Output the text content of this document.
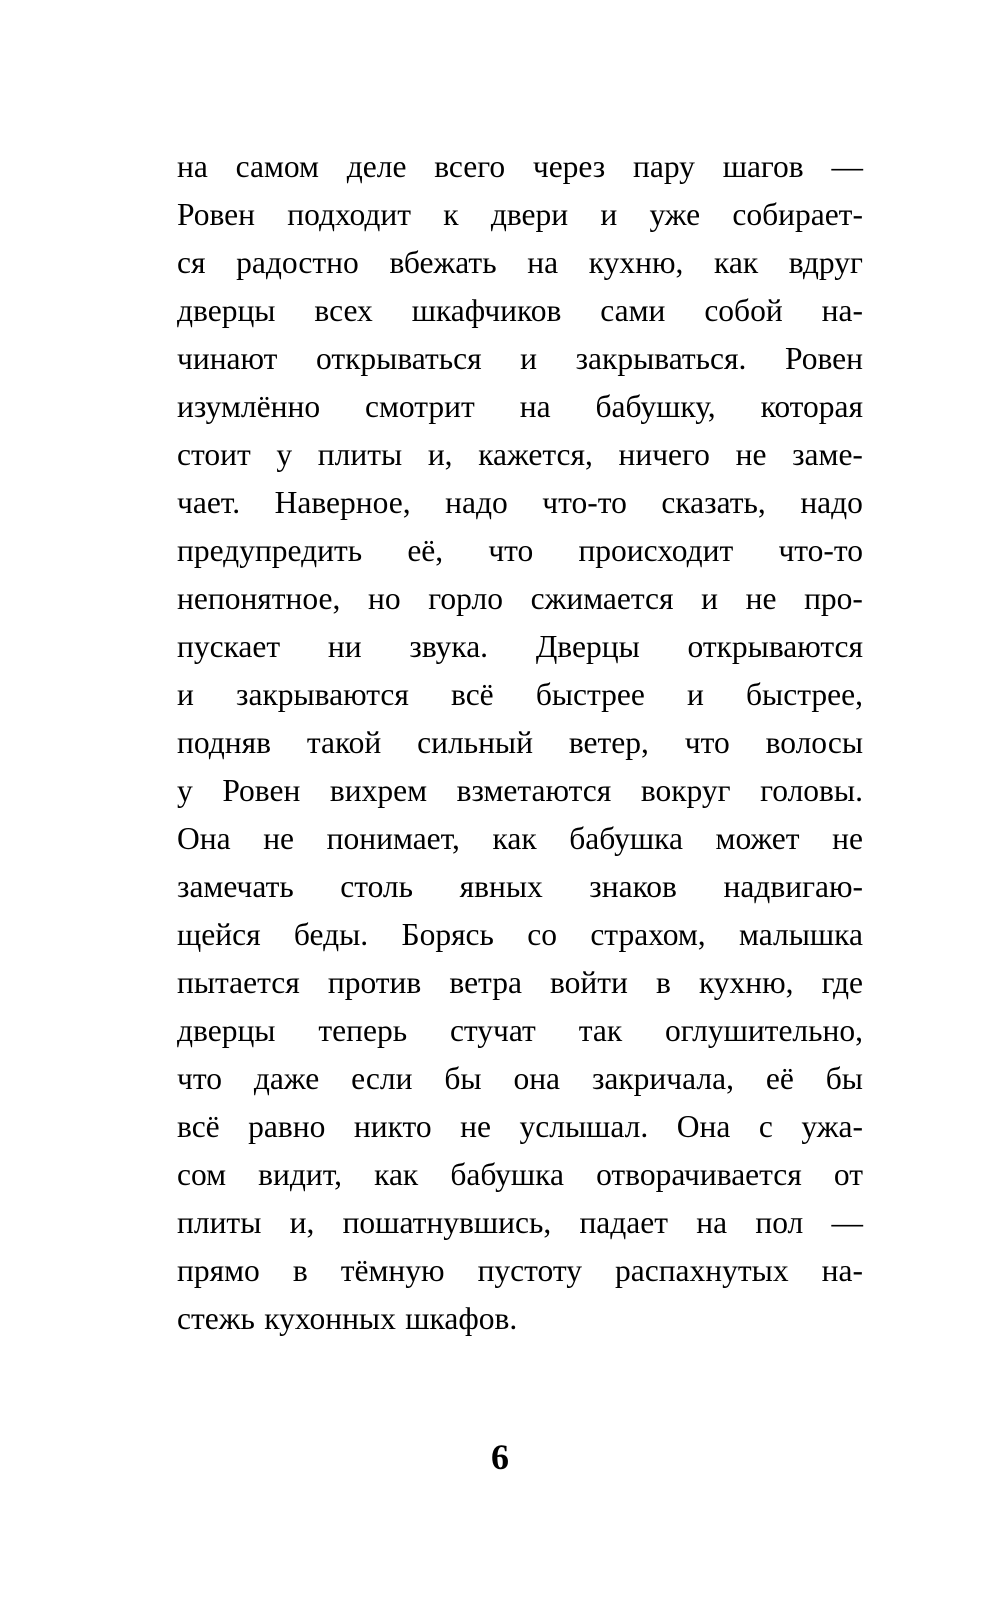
на самом деле всего через пару шагов —
Ровен подходит к двери и уже собирает-
ся радостно вбежать на кухню, как вдруг
дверцы всех шкафчиков сами собой на-
чинают открываться и закрываться. Ровен
изумлённо смотрит на бабушку, которая
стоит у плиты и, кажется, ничего не заме-
чает. Наверное, надо что-то сказать, надо
предупредить её, что происходит что-то
непонятное, но горло сжимается и не про-
пускает ни звука. Дверцы открываются
и закрываются всё быстрее и быстрее,
подняв такой сильный ветер, что волосы
у Ровен вихрем взметаются вокруг головы.
Она не понимает, как бабушка может не
замечать столь явных знаков надвигаю-
щейся беды. Борясь со страхом, малышка
пытается против ветра войти в кухню, где
дверцы теперь стучат так оглушительно,
что даже если бы она закричала, её бы
всё равно никто не услышал. Она с ужа-
сом видит, как бабушка отворачивается от
плиты и, пошатнувшись, падает на пол —
прямо в тёмную пустоту распахнутых на-
стежь кухонных шкафов.
6
